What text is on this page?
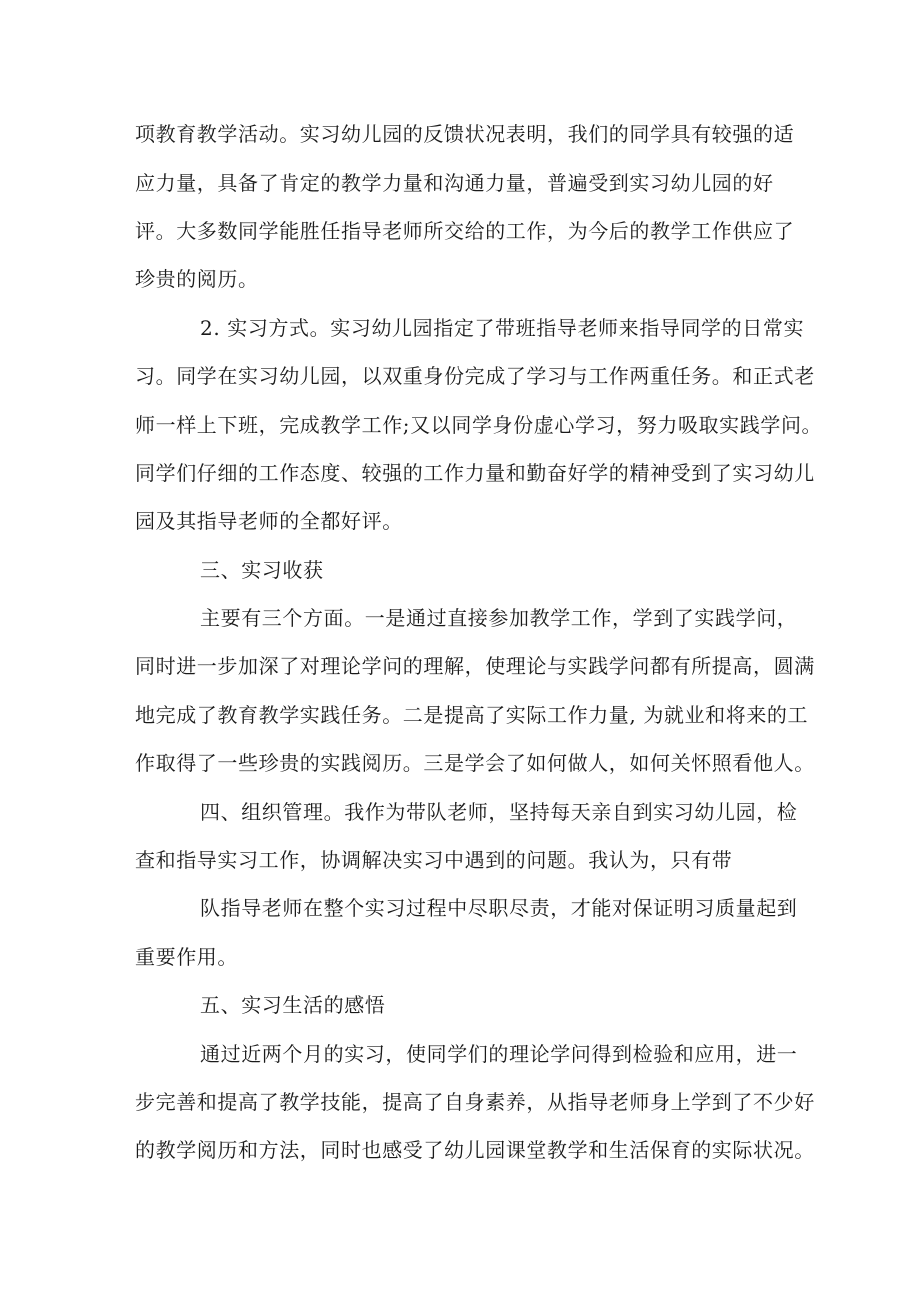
项教育教学活动。实习幼儿园的反馈状况表明，我们的同学具有较强的适
应力量，具备了肯定的教学力量和沟通力量，普遍受到实习幼儿园的好
评。大多数同学能胜任指导老师所交给的工作，为今后的教学工作供应了
珍贵的阅历。
2. 实习方式。实习幼儿园指定了带班指导老师来指导同学的日常实
习。同学在实习幼儿园，以双重身份完成了学习与工作两重任务。和正式老
师一样上下班，完成教学工作;又以同学身份虚心学习，努力吸取实践学问。
同学们仔细的工作态度、较强的工作力量和勤奋好学的精神受到了实习幼儿
园及其指导老师的全都好评。
三、实习收获
主要有三个方面。一是通过直接参加教学工作，学到了实践学问，
同时进一步加深了对理论学问的理解，使理论与实践学问都有所提高，圆满
地完成了教育教学实践任务。二是提高了实际工作力量, 为就业和将来的工
作取得了一些珍贵的实践阅历。三是学会了如何做人，如何关怀照看他人。
四、组织管理。我作为带队老师，坚持每天亲自到实习幼儿园，检
查和指导实习工作，协调解决实习中遇到的问题。我认为，只有带
队指导老师在整个实习过程中尽职尽责，才能对保证明习质量起到
重要作用。
五、实习生活的感悟
通过近两个月的实习，使同学们的理论学问得到检验和应用，进一
步完善和提高了教学技能，提高了自身素养，从指导老师身上学到了不少好
的教学阅历和方法，同时也感受了幼儿园课堂教学和生活保育的实际状况。
